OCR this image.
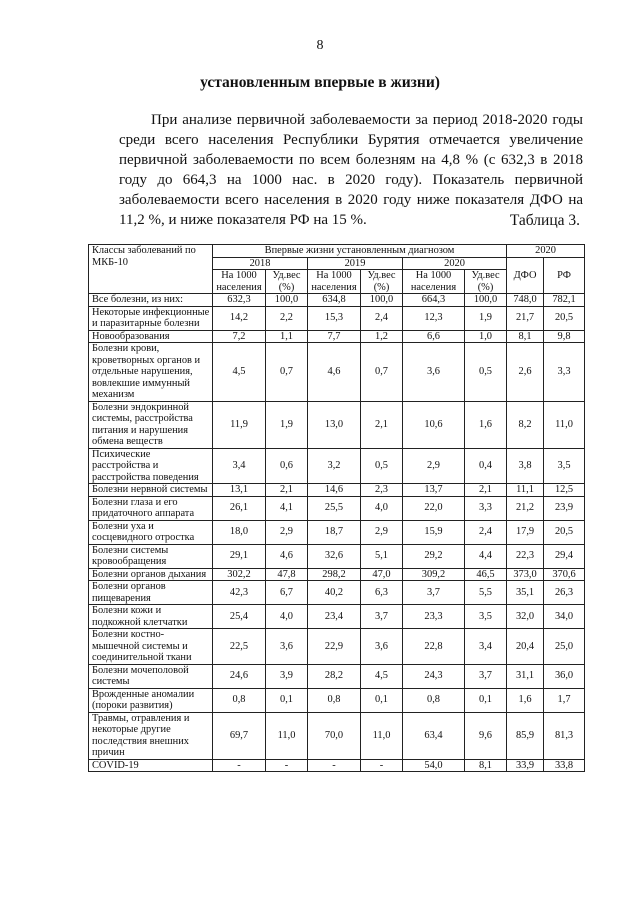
8
установленным впервые в жизни)

При анализе первичной заболеваемости за период 2018-2020 годы среди всего населения Республики Бурятия отмечается увеличение первичной заболеваемости по всем болезням на 4,8 % (с 632,3 в 2018 году до 664,3 на 1000 нас. в 2020 году). Показатель первичной заболеваемости всего населения в 2020 году ниже показателя ДФО на 11,2 %, и ниже показателя РФ на 15 %.	Таблица 3.
Классы заболеваний по МКБ-10	Впервые жизни установленным диагнозом						2020	
	2018		2019		2020		ДФО	РФ
	На 1000 населения	Уд.вес (%)	На 1000 населения	Уд.вес (%)	На 1000 населения	Уд.вес (%)		
Все болезни, из них:	632,3	100,0	634,8	100,0	664,3	100,0	748,0	782,1
Некоторые инфекционные и паразитарные болезни	14,2	2,2	15,3	2,4	12,3	1,9	21,7	20,5
Новообразования	7,2	1,1	7,7	1,2	6,6	1,0	8,1	9,8
Болезни крови, кроветворных органов и отдельные нарушения, вовлекшие иммунный механизм	4,5	0,7	4,6	0,7	3,6	0,5	2,6	3,3
Болезни эндокринной системы, расстройства питания и нарушения обмена веществ	11,9	1,9	13,0	2,1	10,6	1,6	8,2	11,0
Психические расстройства и расстройства поведения	3,4	0,6	3,2	0,5	2,9	0,4	3,8	3,5
Болезни нервной системы	13,1	2,1	14,6	2,3	13,7	2,1	11,1	12,5
Болезни глаза и его придаточного аппарата	26,1	4,1	25,5	4,0	22,0	3,3	21,2	23,9
Болезни уха и сосцевидного отростка	18,0	2,9	18,7	2,9	15,9	2,4	17,9	20,5
Болезни системы кровообращения	29,1	4,6	32,6	5,1	29,2	4,4	22,3	29,4
Болезни органов дыхания	302,2	47,8	298,2	47,0	309,2	46,5	373,0	370,6
Болезни органов пищеварения	42,3	6,7	40,2	6,3	3,7	5,5	35,1	26,3
Болезни кожи и подкожной клетчатки	25,4	4,0	23,4	3,7	23,3	3,5	32,0	34,0
Болезни костно-мышечной системы и соединительной ткани	22,5	3,6	22,9	3,6	22,8	3,4	20,4	25,0
Болезни мочеполовой системы	24,6	3,9	28,2	4,5	24,3	3,7	31,1	36,0
Врожденные аномалии (пороки развития)	0,8	0,1	0,8	0,1	0,8	0,1	1,6	1,7
Травмы, отравления и некоторые другие последствия внешних причин	69,7	11,0	70,0	11,0	63,4	9,6	85,9	81,3
COVID-19	-	-	-	-	54,0	8,1	33,9	33,8
